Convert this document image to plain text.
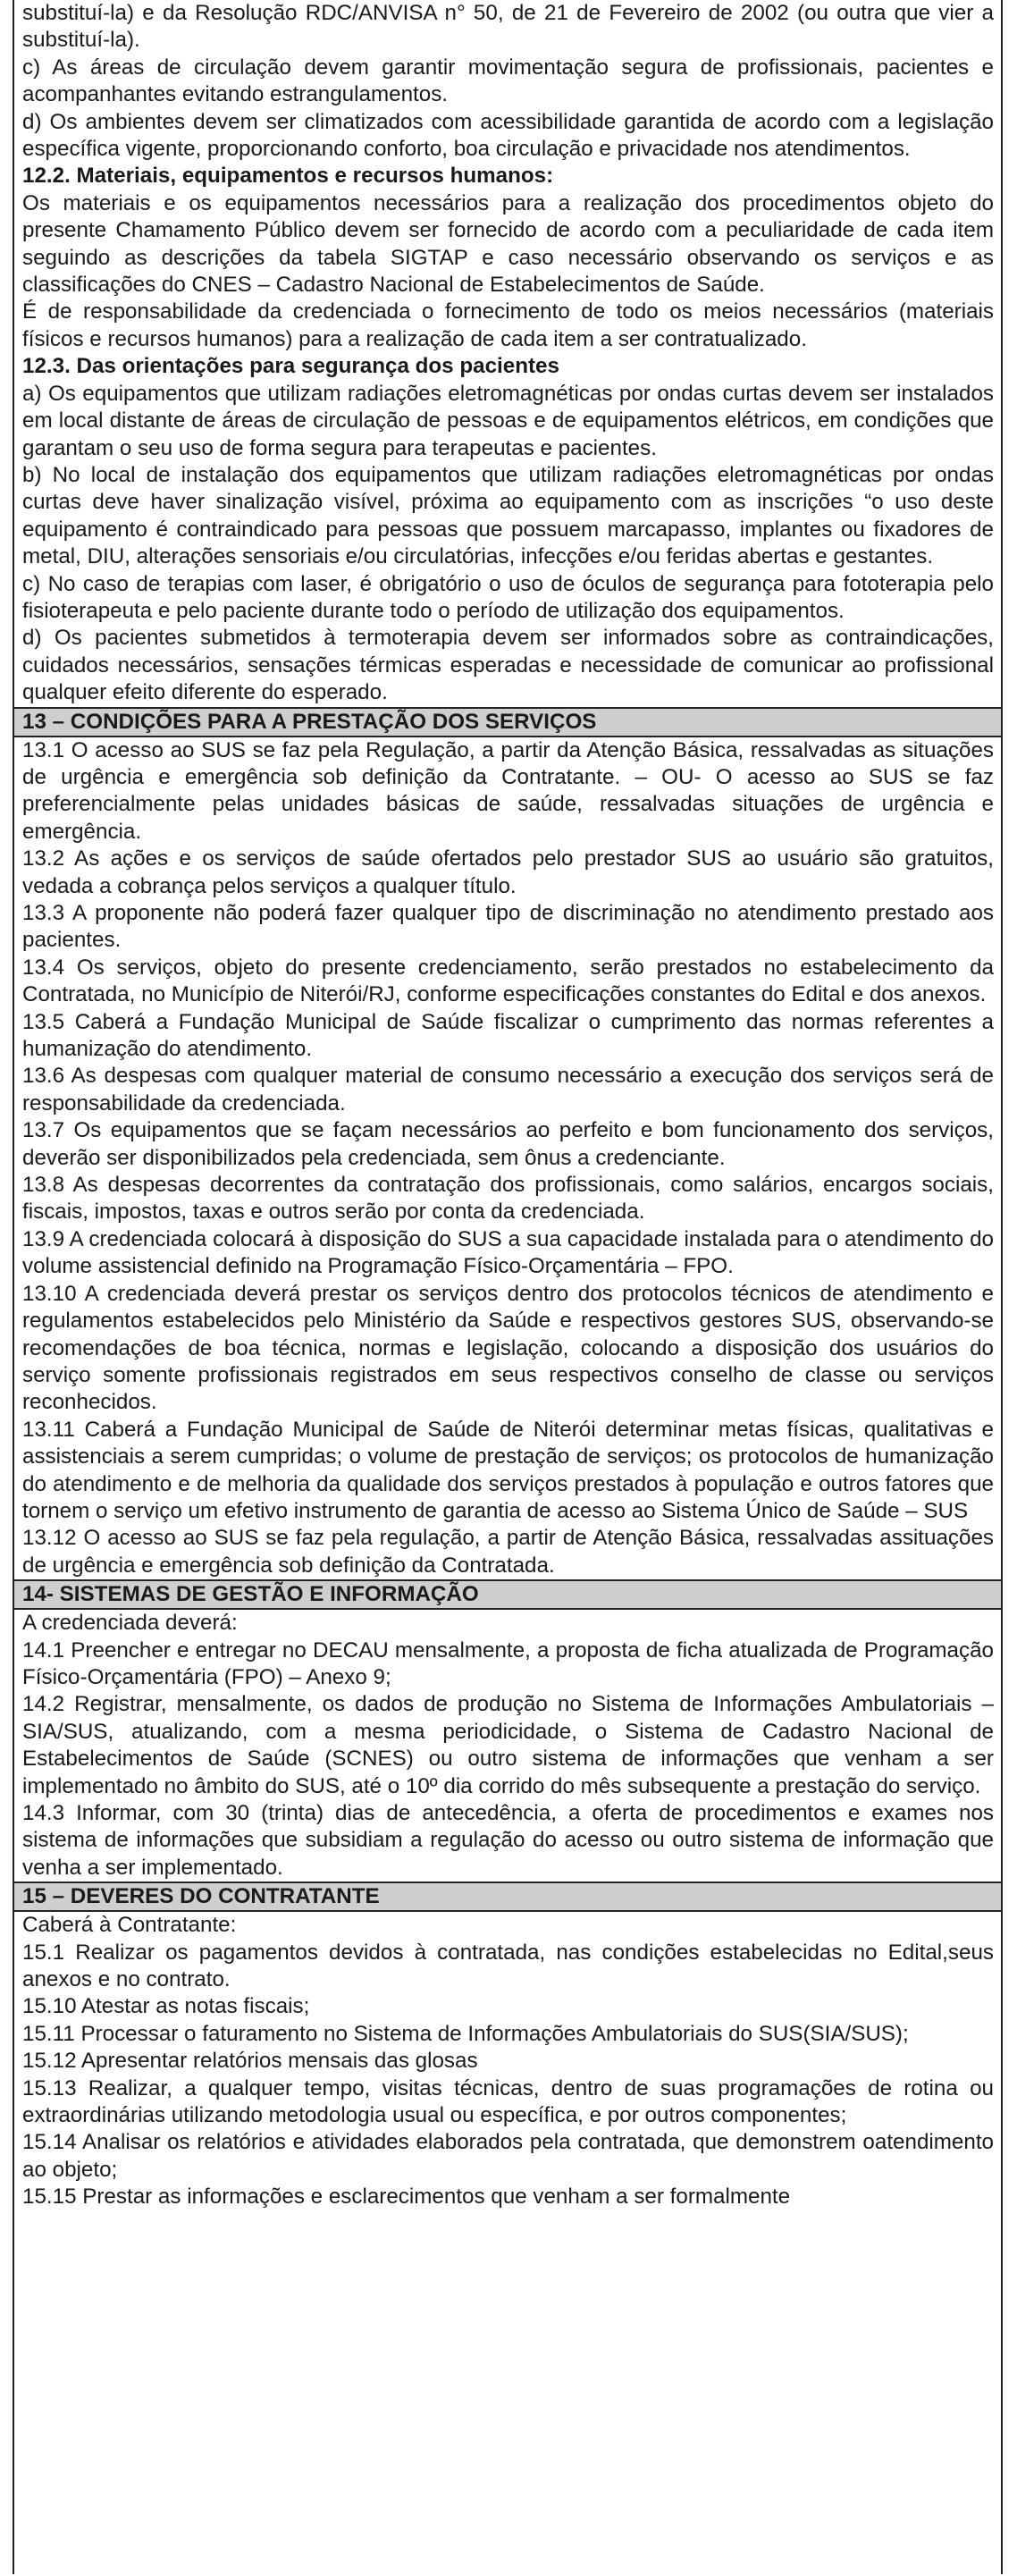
substituí-la) e da Resolução RDC/ANVISA n° 50, de 21 de Fevereiro de 2002 (ou outra que vier a substituí-la).

c) As áreas de circulação devem garantir movimentação segura de profissionais, pacientes e acompanhantes evitando estrangulamentos.

d) Os ambientes devem ser climatizados com acessibilidade garantida de acordo com a legislação específica vigente, proporcionando conforto, boa circulação e privacidade nos atendimentos.

12.2. Materiais, equipamentos e recursos humanos:

Os materiais e os equipamentos necessários para a realização dos procedimentos objeto do presente Chamamento Público devem ser fornecido de acordo com a peculiaridade de cada item seguindo as descrições da tabela SIGTAP e caso necessário observando os serviços e as classificações do CNES – Cadastro Nacional de Estabelecimentos de Saúde.

É de responsabilidade da credenciada o fornecimento de todo os meios necessários (materiais físicos e recursos humanos) para a realização de cada item a ser contratualizado.

12.3. Das orientações para segurança dos pacientes

a) Os equipamentos que utilizam radiações eletromagnéticas por ondas curtas devem ser instalados em local distante de áreas de circulação de pessoas e de equipamentos elétricos, em condições que garantam o seu uso de forma segura para terapeutas e pacientes.

b) No local de instalação dos equipamentos que utilizam radiações eletromagnéticas por ondas curtas deve haver sinalização visível, próxima ao equipamento com as inscrições “o uso deste equipamento é contraindicado para pessoas que possuem marcapasso, implantes ou fixadores de metal, DIU, alterações sensoriais e/ou circulatórias, infecções e/ou feridas abertas e gestantes.

c) No caso de terapias com laser, é obrigatório o uso de óculos de segurança para fototerapia pelo fisioterapeuta e pelo paciente durante todo o período de utilização dos equipamentos.

d) Os pacientes submetidos à termoterapia devem ser informados sobre as contraindicações, cuidados necessários, sensações térmicas esperadas e necessidade de comunicar ao profissional qualquer efeito diferente do esperado.

13 – CONDIÇÕES PARA A PRESTAÇÃO DOS SERVIÇOS

13.1 O acesso ao SUS se faz pela Regulação, a partir da Atenção Básica, ressalvadas as situações de urgência e emergência sob definição da Contratante. – OU- O acesso ao SUS se faz preferencialmente pelas unidades básicas de saúde, ressalvadas situações de urgência e emergência.

13.2 As ações e os serviços de saúde ofertados pelo prestador SUS ao usuário são gratuitos, vedada a cobrança pelos serviços a qualquer título.

13.3 A proponente não poderá fazer qualquer tipo de discriminação no atendimento prestado aos pacientes.

13.4 Os serviços, objeto do presente credenciamento, serão prestados no estabelecimento da Contratada, no Município de Niterói/RJ, conforme especificações constantes do Edital e dos anexos.

13.5 Caberá a Fundação Municipal de Saúde fiscalizar o cumprimento das normas referentes a humanização do atendimento.

13.6 As despesas com qualquer material de consumo necessário a execução dos serviços será de responsabilidade da credenciada.

13.7 Os equipamentos que se façam necessários ao perfeito e bom funcionamento dos serviços, deverão ser disponibilizados pela credenciada, sem ônus a credenciante.

13.8 As despesas decorrentes da contratação dos profissionais, como salários, encargos sociais, fiscais, impostos, taxas e outros serão por conta da credenciada.

13.9 A credenciada colocará à disposição do SUS a sua capacidade instalada para o atendimento do volume assistencial definido na Programação Físico-Orçamentária – FPO.

13.10 A credenciada deverá prestar os serviços dentro dos protocolos técnicos de atendimento e regulamentos estabelecidos pelo Ministério da Saúde e respectivos gestores SUS, observando-se recomendações de boa técnica, normas e legislação, colocando a disposição dos usuários do serviço somente profissionais registrados em seus respectivos conselho de classe ou serviços reconhecidos.

13.11 Caberá a Fundação Municipal de Saúde de Niterói determinar metas físicas, qualitativas e assistenciais a serem cumpridas; o volume de prestação de serviços; os protocolos de humanização do atendimento e de melhoria da qualidade dos serviços prestados à população e outros fatores que tornem o serviço um efetivo instrumento de garantia de acesso ao Sistema Único de Saúde – SUS

13.12 O acesso ao SUS se faz pela regulação, a partir de Atenção Básica, ressalvadas assituações de urgência e emergência sob definição da Contratada.

14- SISTEMAS DE GESTÃO E INFORMAÇÃO

A credenciada deverá:

14.1 Preencher e entregar no DECAU mensalmente, a proposta de ficha atualizada de Programação Físico-Orçamentária (FPO) – Anexo 9;

14.2 Registrar, mensalmente, os dados de produção no Sistema de Informações Ambulatoriais – SIA/SUS, atualizando, com a mesma periodicidade, o Sistema de Cadastro Nacional de Estabelecimentos de Saúde (SCNES) ou outro sistema de informações que venham a ser implementado no âmbito do SUS, até o 10º dia corrido do mês subsequente a prestação do serviço.

14.3 Informar, com 30 (trinta) dias de antecedência, a oferta de procedimentos e exames nos sistema de informações que subsidiam a regulação do acesso ou outro sistema de informação que venha a ser implementado.

15 – DEVERES DO CONTRATANTE

Caberá à Contratante:

15.1 Realizar os pagamentos devidos à contratada, nas condições estabelecidas no Edital,seus anexos e no contrato.

15.10 Atestar as notas fiscais;

15.11 Processar o faturamento no Sistema de Informações Ambulatoriais do SUS(SIA/SUS);

15.12 Apresentar relatórios mensais das glosas

15.13 Realizar, a qualquer tempo, visitas técnicas, dentro de suas programações de rotina ou extraordinárias utilizando metodologia usual ou específica, e por outros componentes;

15.14 Analisar os relatórios e atividades elaborados pela contratada, que demonstrem oatendimento ao objeto;

15.15 Prestar as informações e esclarecimentos que venham a ser formalmente
